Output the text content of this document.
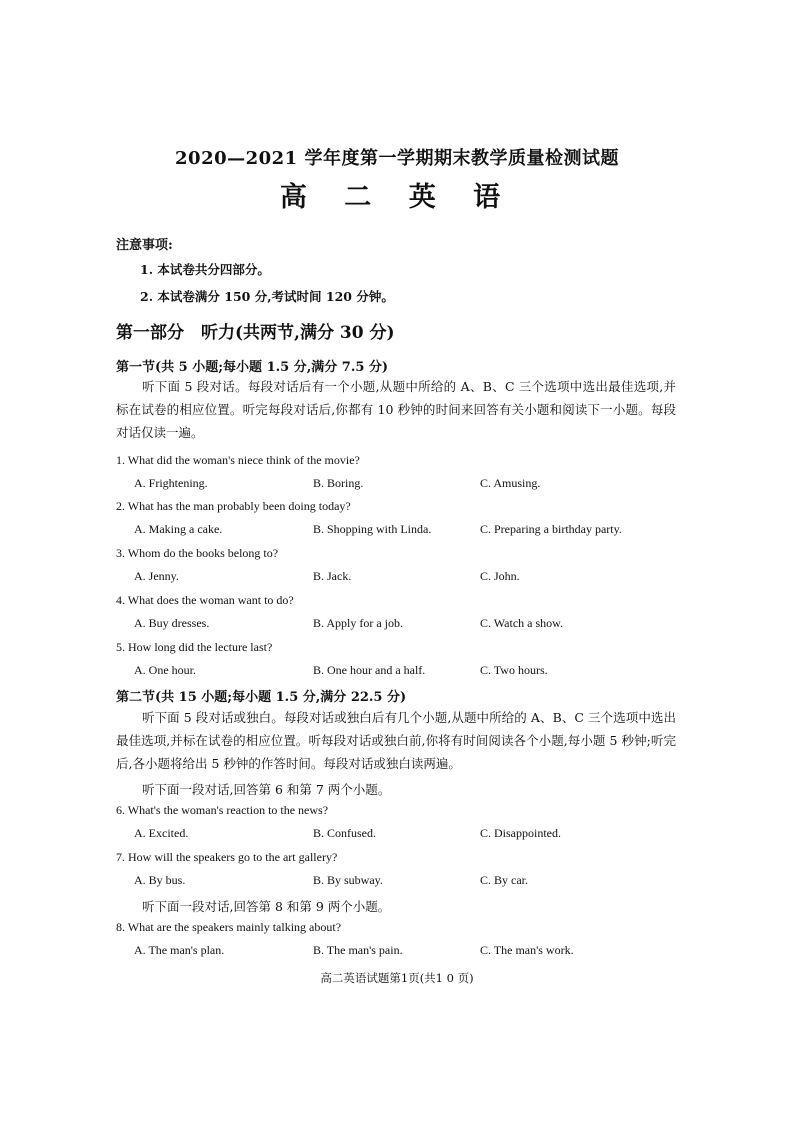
2020—2021 学年度第一学期期末教学质量检测试题
高 二 英 语
注意事项:
1. 本试卷共分四部分。
2. 本试卷满分 150 分,考试时间 120 分钟。
第一部分　听力(共两节,满分 30 分)
第一节(共 5 小题;每小题 1.5 分,满分 7.5 分)
听下面 5 段对话。每段对话后有一个小题,从题中所给的 A、B、C 三个选项中选出最佳选项,并标在试卷的相应位置。听完每段对话后,你都有 10 秒钟的时间来回答有关小题和阅读下一小题。每段对话仅读一遍。
1. What did the woman's niece think of the movie?
A. Frightening.	B. Boring.	C. Amusing.
2. What has the man probably been doing today?
A. Making a cake.	B. Shopping with Linda.	C. Preparing a birthday party.
3. Whom do the books belong to?
A. Jenny.	B. Jack.	C. John.
4. What does the woman want to do?
A. Buy dresses.	B. Apply for a job.	C. Watch a show.
5. How long did the lecture last?
A. One hour.	B. One hour and a half.	C. Two hours.
第二节(共 15 小题;每小题 1.5 分,满分 22.5 分)
听下面 5 段对话或独白。每段对话或独白后有几个小题,从题中所给的 A、B、C 三个选项中选出最佳选项,并标在试卷的相应位置。听每段对话或独白前,你将有时间阅读各个小题,每小题 5 秒钟;听完后,各小题将给出 5 秒钟的作答时间。每段对话或独白读两遍。
听下面一段对话,回答第 6 和第 7 两个小题。
6. What's the woman's reaction to the news?
A. Excited.	B. Confused.	C. Disappointed.
7. How will the speakers go to the art gallery?
A. By bus.	B. By subway.	C. By car.
听下面一段对话,回答第 8 和第 9 两个小题。
8. What are the speakers mainly talking about?
A. The man's plan.	B. The man's pain.	C. The man's work.
高二英语试题第1页(共1 0 页)
